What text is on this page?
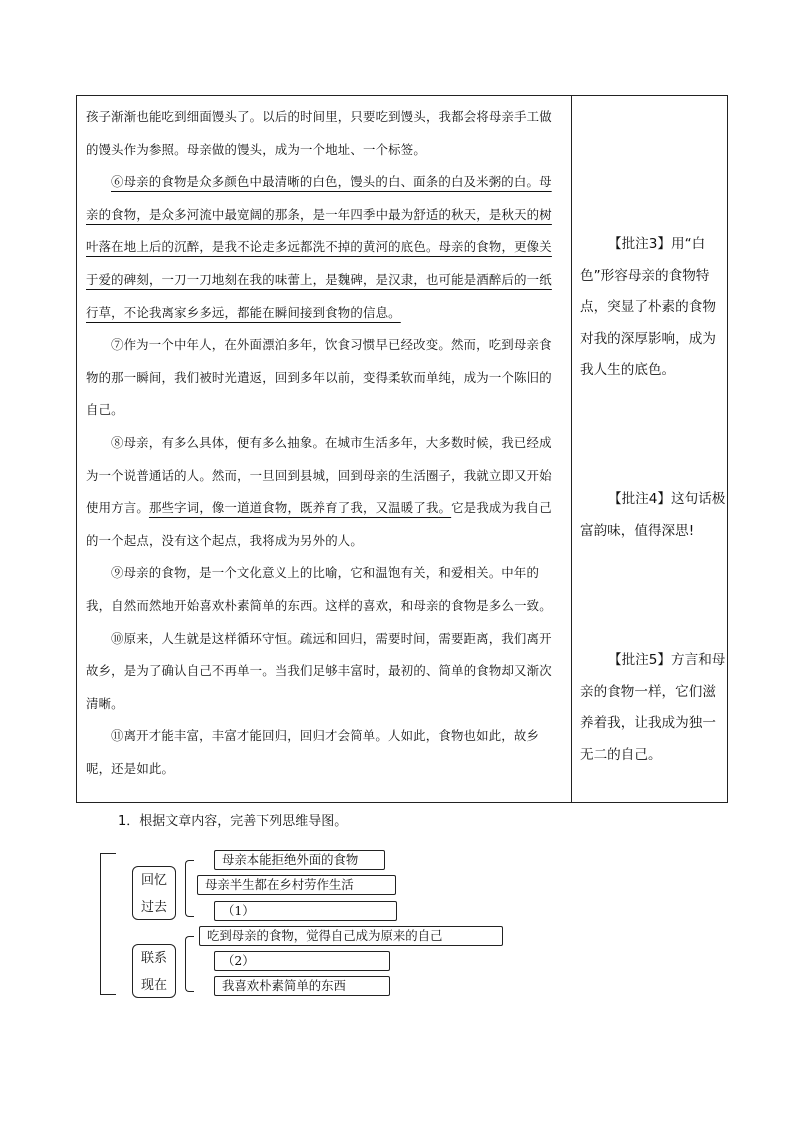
孩子渐渐也能吃到细面馒头了。以后的时间里，只要吃到馒头，我都会将母亲手工做的馒头作为参照。母亲做的馒头，成为一个地址、一个标签。

⑥母亲的食物是众多颜色中最清晰的白色，馒头的白、面条的白及米粥的白。母亲的食物，是众多河流中最宽阔的那条，是一年四季中最为舒适的秋天，是秋天的树叶落在地上后的沉醉，是我不论走多远都洗不掉的黄河的底色。母亲的食物，更像关于爱的碑刻，一刀一刀地刻在我的味蕾上，是魏碑，是汉隶，也可能是酒醉后的一纸行草，不论我离家乡多远，都能在瞬间接到食物的信息。

⑦作为一个中年人，在外面漂泊多年，饮食习惯早已经改变。然而，吃到母亲食物的那一瞬间，我们被时光遣返，回到多年以前，变得柔软而单纯，成为一个陈旧的自己。

⑧母亲，有多么具体，便有多么抽象。在城市生活多年，大多数时候，我已经成为一个说普通话的人。然而，一旦回到县城，回到母亲的生活圈子，我就立即又开始使用方言。那些字词，像一道道食物，既养育了我，又温暖了我。它是我成为我自己的一个起点，没有这个起点，我将成为另外的人。

⑨母亲的食物，是一个文化意义上的比喻，它和温饱有关，和爱相关。中年的我，自然而然地开始喜欢朴素简单的东西。这样的喜欢，和母亲的食物是多么一致。

⑩原来，人生就是这样循环守恒。疏远和回归，需要时间，需要距离，我们离开故乡，是为了确认自己不再单一。当我们足够丰富时，最初的、简单的食物却又渐次清晰。

⑪离开才能丰富，丰富才能回归，回归才会简单。人如此，食物也如此，故乡呢，还是如此。

【批注3】用“白色”形容母亲的食物特点，突显了朴素的食物对我的深厚影响，成为我人生的底色。
【批注4】这句话极富韵味，值得深思!
【批注5】方言和母亲的食物一样，它们滋养着我，让我成为独一无二的自己。
1．根据文章内容，完善下列思维导图。
回忆
过去
母亲本能拒绝外面的食物
母亲半生都在乡村劳作生活
（1）
联系
现在
吃到母亲的食物，觉得自己成为原来的自己
（2）
我喜欢朴素简单的东西
